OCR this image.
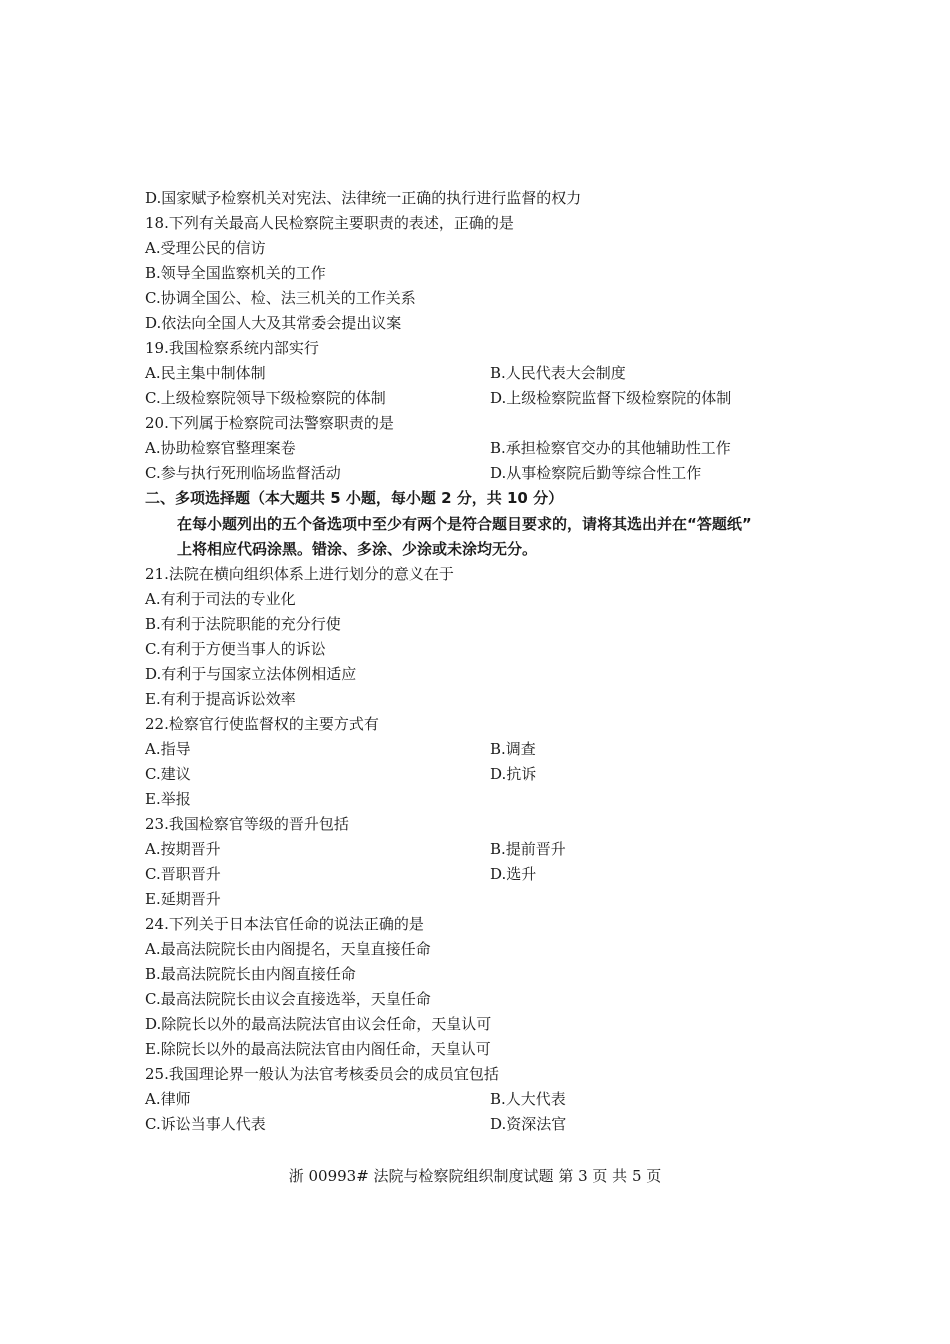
D.国家赋予检察机关对宪法、法律统一正确的执行进行监督的权力
18.下列有关最高人民检察院主要职责的表述，正确的是
A.受理公民的信访
B.领导全国监察机关的工作
C.协调全国公、检、法三机关的工作关系
D.依法向全国人大及其常委会提出议案
19.我国检察系统内部实行
A.民主集中制体制	B.人民代表大会制度
C.上级检察院领导下级检察院的体制	D.上级检察院监督下级检察院的体制
20.下列属于检察院司法警察职责的是
A.协助检察官整理案卷	B.承担检察官交办的其他辅助性工作
C.参与执行死刑临场监督活动	D.从事检察院后勤等综合性工作
二、多项选择题（本大题共 5 小题，每小题 2 分，共 10 分）
在每小题列出的五个备选项中至少有两个是符合题目要求的，请将其选出并在“答题纸”
上将相应代码涂黑。错涂、多涂、少涂或未涂均无分。
21.法院在横向组织体系上进行划分的意义在于
A.有利于司法的专业化
B.有利于法院职能的充分行使
C.有利于方便当事人的诉讼
D.有利于与国家立法体例相适应
E.有利于提高诉讼效率
22.检察官行使监督权的主要方式有
A.指导	B.调查
C.建议	D.抗诉
E.举报
23.我国检察官等级的晋升包括
A.按期晋升	B.提前晋升
C.晋职晋升	D.选升
E.延期晋升
24.下列关于日本法官任命的说法正确的是
A.最高法院院长由内阁提名，天皇直接任命
B.最高法院院长由内阁直接任命
C.最高法院院长由议会直接选举，天皇任命
D.除院长以外的最高法院法官由议会任命，天皇认可
E.除院长以外的最高法院法官由内阁任命，天皇认可
25.我国理论界一般认为法官考核委员会的成员宜包括
A.律师	B.人大代表
C.诉讼当事人代表	D.资深法官
浙 00993# 法院与检察院组织制度试题 第 3 页 共 5 页
